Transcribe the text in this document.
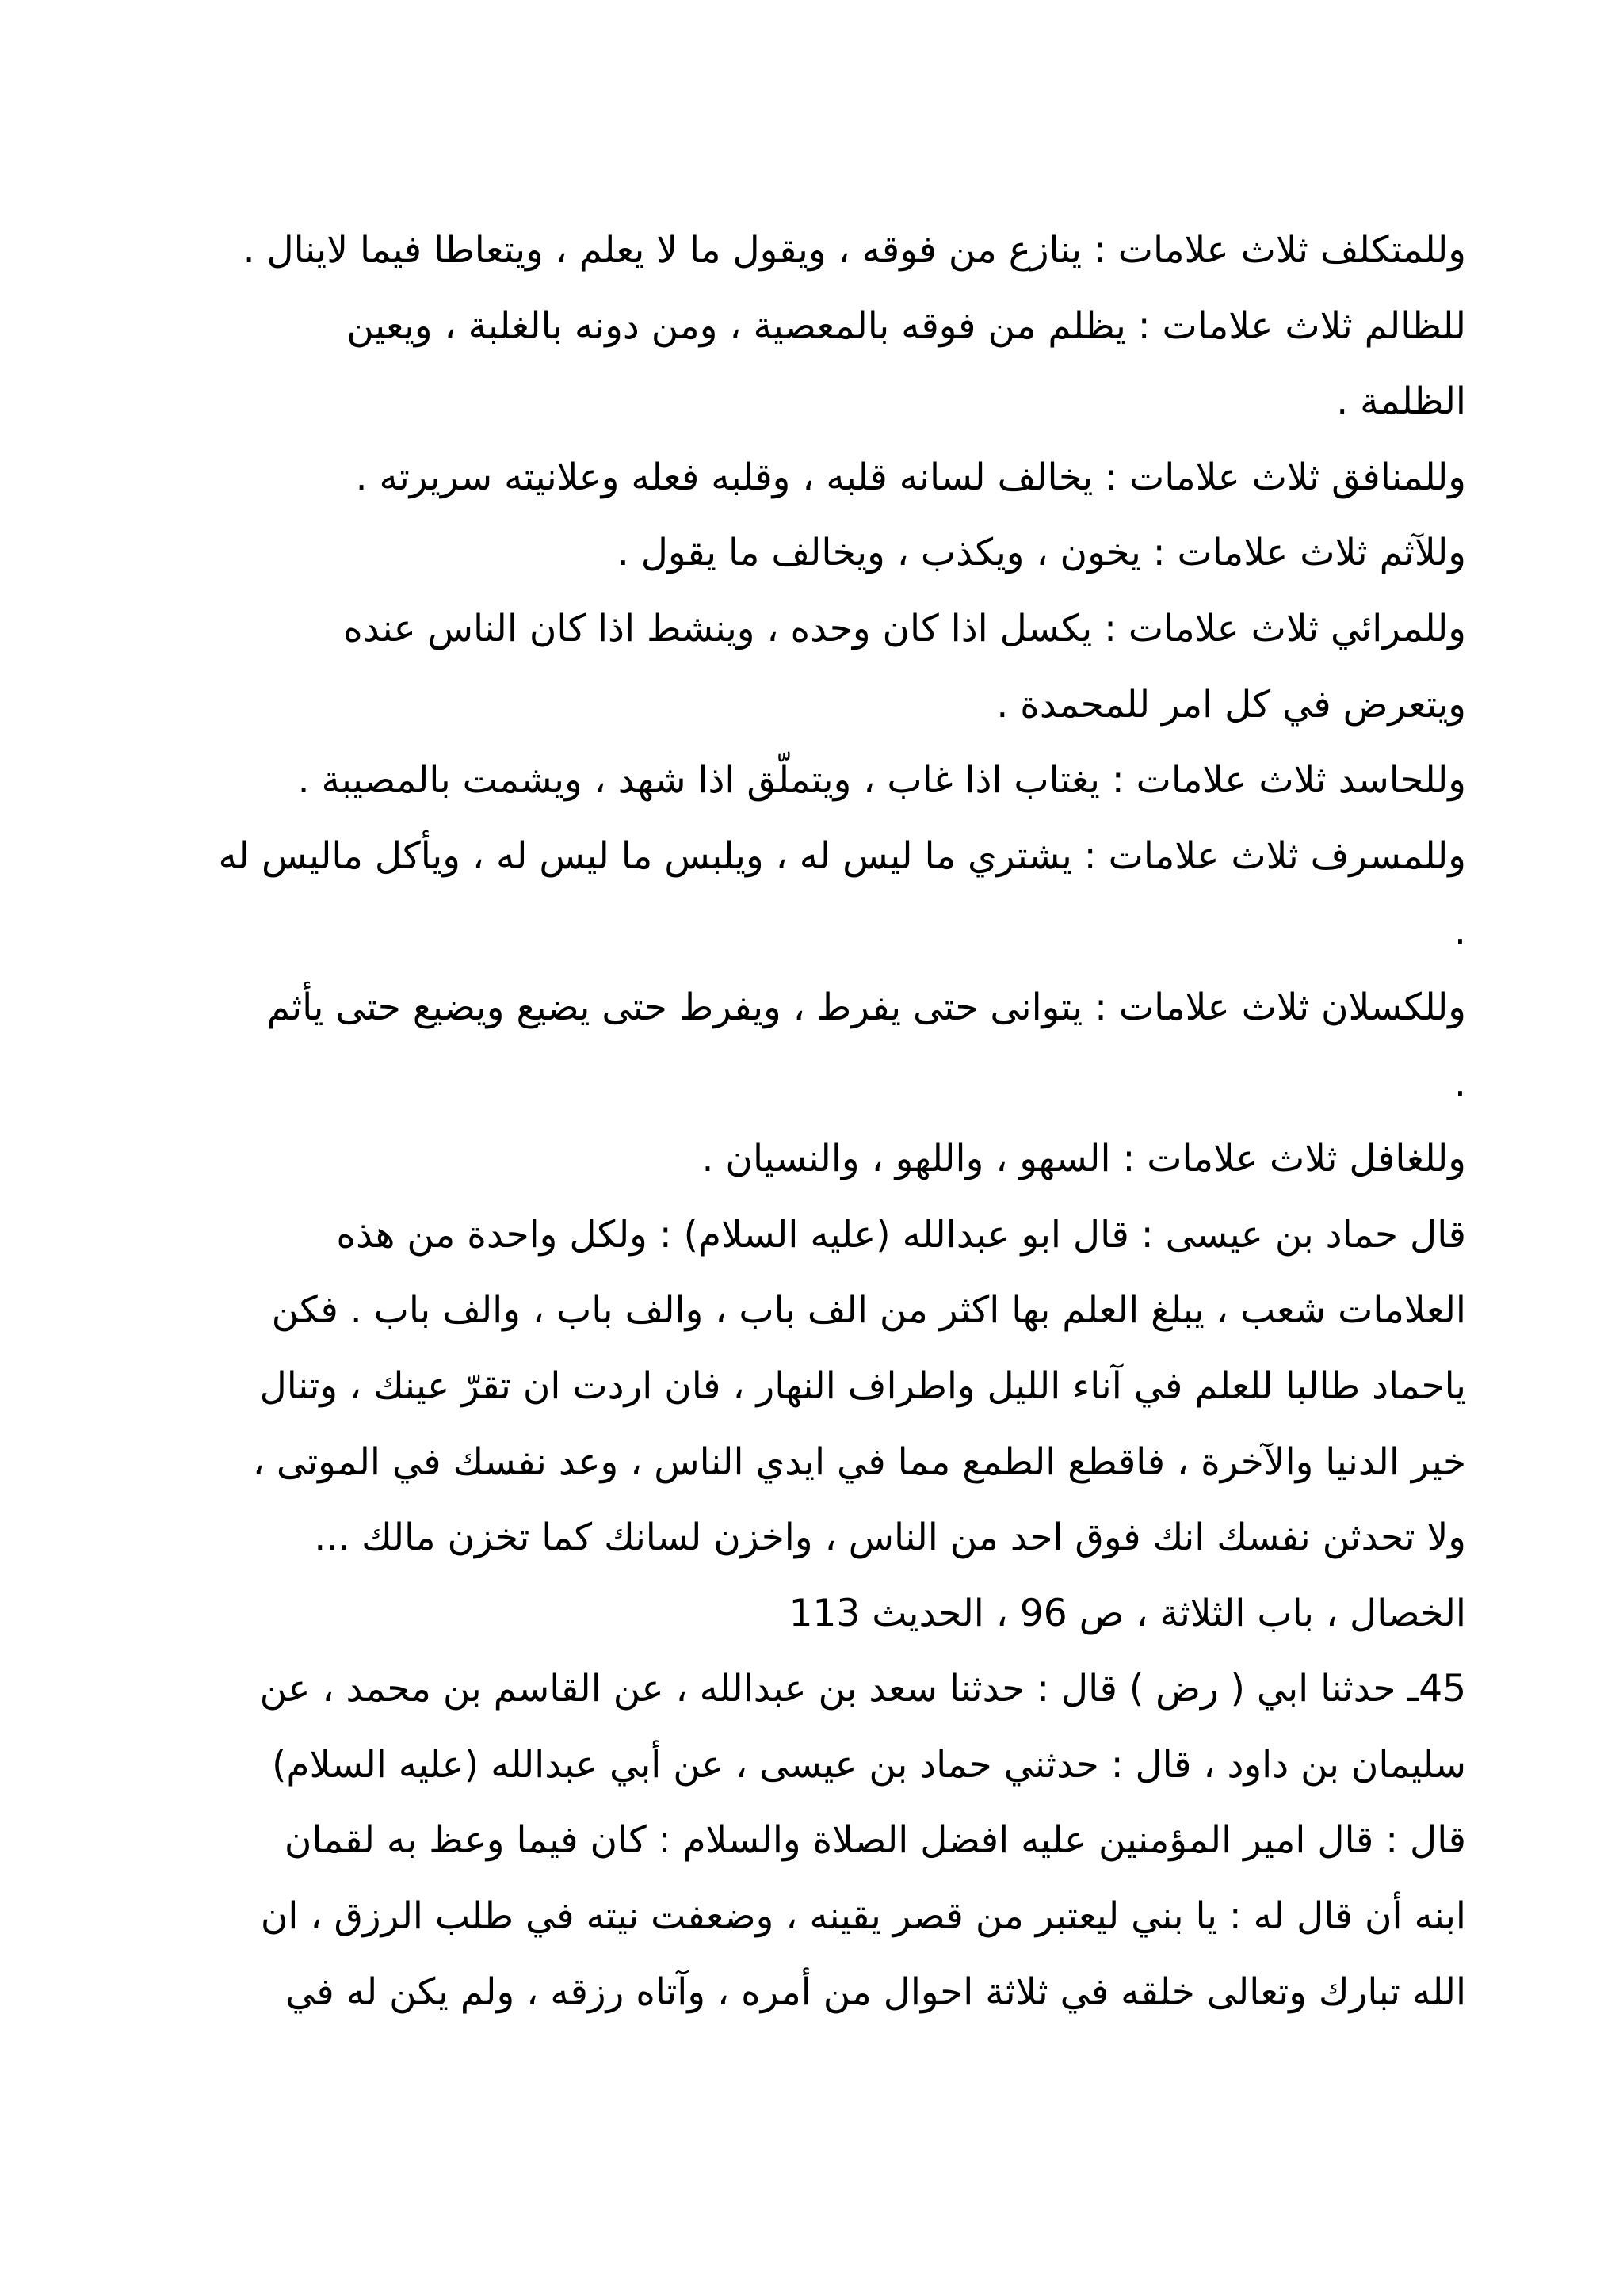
وللمتكلف ثلاث علامات : ينازع من فوقه ، ويقول ما لا يعلم ، ويتعاطا فيما لاينال .
للظالم ثلاث علامات : يظلم من فوقه بالمعصية ، ومن دونه بالغلبة ، ويعين
الظلمة .
وللمنافق ثلاث علامات : يخالف لسانه قلبه ، وقلبه فعله وعلانيته سريرته .
وللآثم ثلاث علامات : يخون ، ويكذب ، ويخالف ما يقول .
وللمرائي ثلاث علامات : يكسل اذا كان وحده ، وينشط اذا كان الناس عنده
ويتعرض في كل امر للمحمدة .
وللحاسد ثلاث علامات : يغتاب اذا غاب ، ويتملّق اذا شهد ، ويشمت بالمصيبة .
وللمسرف ثلاث علامات : يشتري ما ليس له ، ويلبس ما ليس له ، ويأكل ماليس له
.
وللكسلان ثلاث علامات : يتوانى حتى يفرط ، ويفرط حتى يضيع ويضيع حتى يأثم
.
وللغافل ثلاث علامات : السهو ، واللهو ، والنسيان .
قال حماد بن عيسى : قال ابو عبدالله (عليه السلام) : ولكل واحدة من هذه
العلامات شعب ، يبلغ العلم بها اكثر من الف باب ، والف باب ، والف باب . فكن
ياحماد طالبا للعلم في آناء الليل واطراف النهار ، فان اردت ان تقرّ عينك ، وتنال
خير الدنيا والآخرة ، فاقطع الطمع مما في ايدي الناس ، وعد نفسك في الموتى ،
ولا تحدثن نفسك انك فوق احد من الناس ، واخزن لسانك كما تخزن مالك ...
الخصال ، باب الثلاثة ، ص 96 ، الحديث 113
45ـ حدثنا ابي ( رض ) قال : حدثنا سعد بن عبدالله ، عن القاسم بن محمد ، عن
سليمان بن داود ، قال : حدثني حماد بن عيسى ، عن أبي عبدالله (عليه السلام)
قال : قال امير المؤمنين عليه افضل الصلاة والسلام : كان فيما وعظ به لقمان
ابنه أن قال له : يا بني ليعتبر من قصر يقينه ، وضعفت نيته في طلب الرزق ، ان
الله تبارك وتعالى خلقه في ثلاثة احوال من أمره ، وآتاه رزقه ، ولم يكن له في
